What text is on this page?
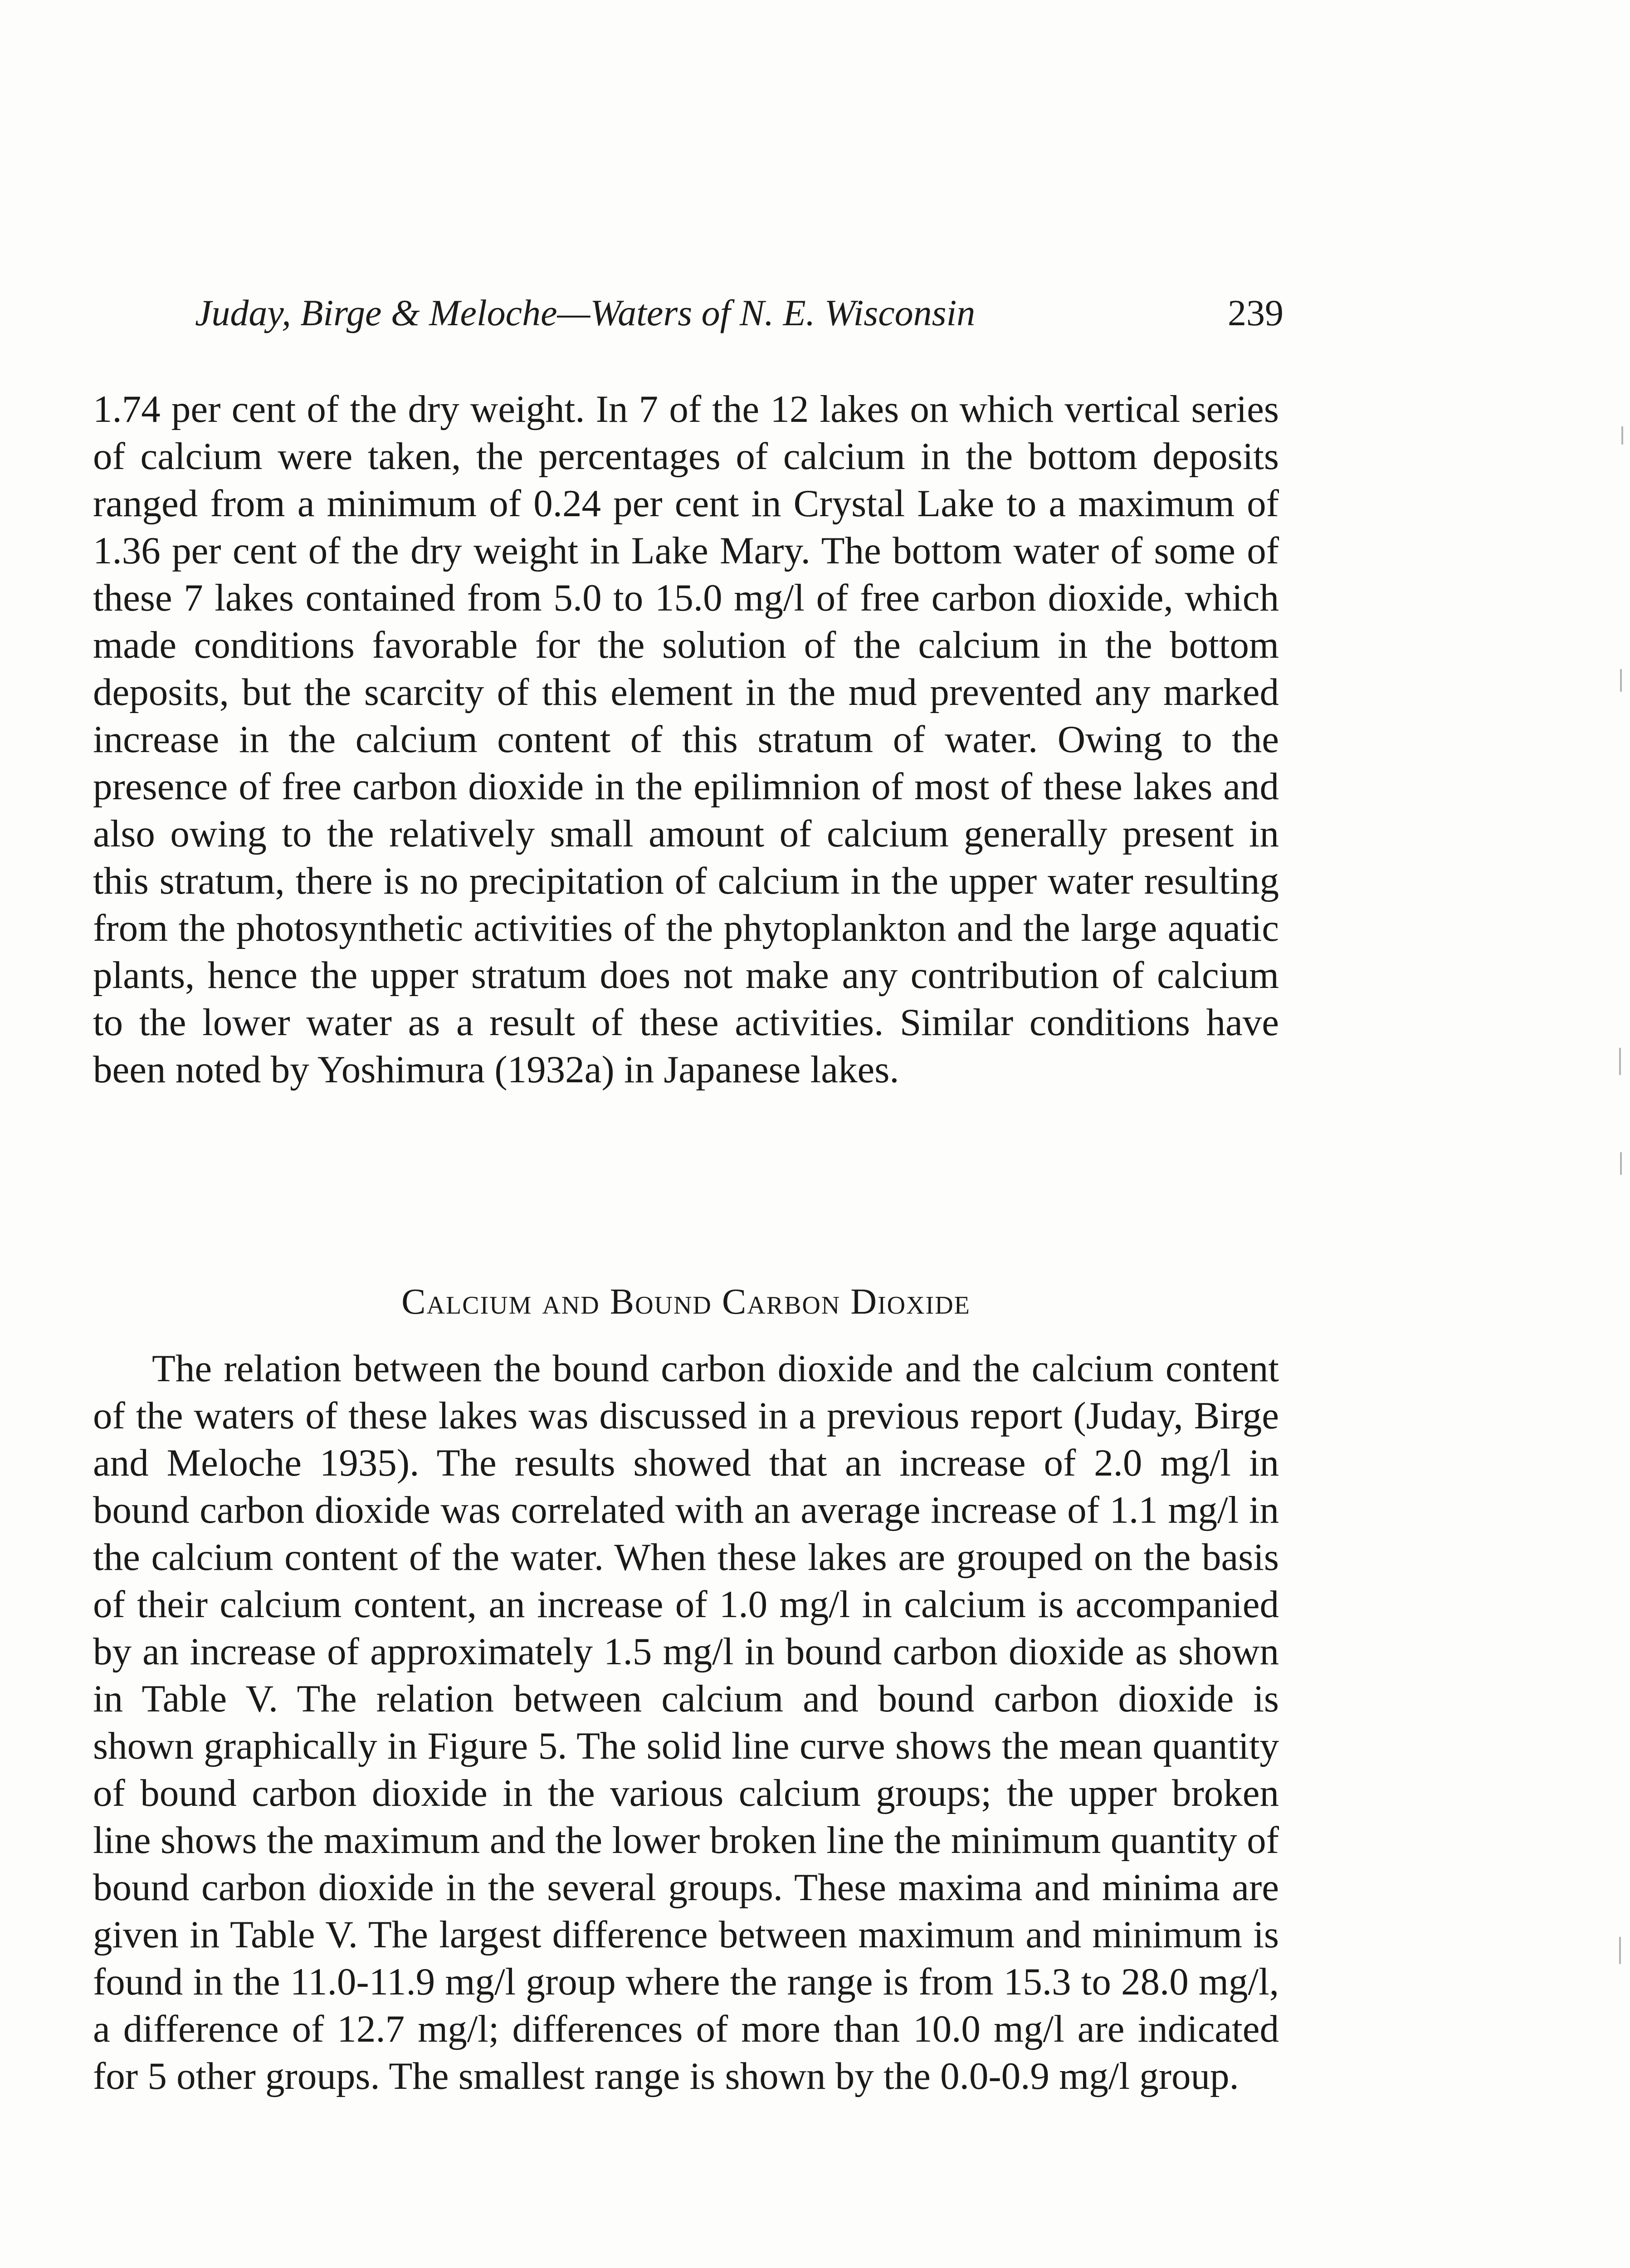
Juday, Birge & Meloche—Waters of N. E. Wisconsin	239

1.74 per cent of the dry weight. In 7 of the 12 lakes on which vertical series of calcium were taken, the percentages of calcium in the bottom deposits ranged from a minimum of 0.24 per cent in Crystal Lake to a maximum of 1.36 per cent of the dry weight in Lake Mary. The bottom water of some of these 7 lakes contained from 5.0 to 15.0 mg/l of free carbon dioxide, which made conditions favorable for the solution of the calcium in the bottom deposits, but the scarcity of this element in the mud prevented any marked increase in the calcium content of this stratum of water. Owing to the presence of free carbon dioxide in the epilimnion of most of these lakes and also owing to the relatively small amount of calcium generally present in this stratum, there is no precipitation of calcium in the upper water resulting from the photosynthetic activities of the phytoplankton and the large aquatic plants, hence the upper stratum does not make any contribution of calcium to the lower water as a result of these activities. Similar conditions have been noted by Yoshimura (1932a) in Japanese lakes.

Calcium and Bound Carbon Dioxide

The relation between the bound carbon dioxide and the calcium content of the waters of these lakes was discussed in a previous report (Juday, Birge and Meloche 1935). The results showed that an increase of 2.0 mg/l in bound carbon dioxide was correlated with an average increase of 1.1 mg/l in the calcium content of the water. When these lakes are grouped on the basis of their calcium content, an increase of 1.0 mg/l in calcium is accompanied by an increase of approximately 1.5 mg/l in bound carbon dioxide as shown in Table V. The relation between calcium and bound carbon dioxide is shown graphically in Figure 5. The solid line curve shows the mean quantity of bound carbon dioxide in the various calcium groups; the upper broken line shows the maximum and the lower broken line the minimum quantity of bound carbon dioxide in the several groups. These maxima and minima are given in Table V. The largest difference between maximum and minimum is found in the 11.0-11.9 mg/l group where the range is from 15.3 to 28.0 mg/l, a difference of 12.7 mg/l; differences of more than 10.0 mg/l are indicated for 5 other groups. The smallest range is shown by the 0.0-0.9 mg/l group.
